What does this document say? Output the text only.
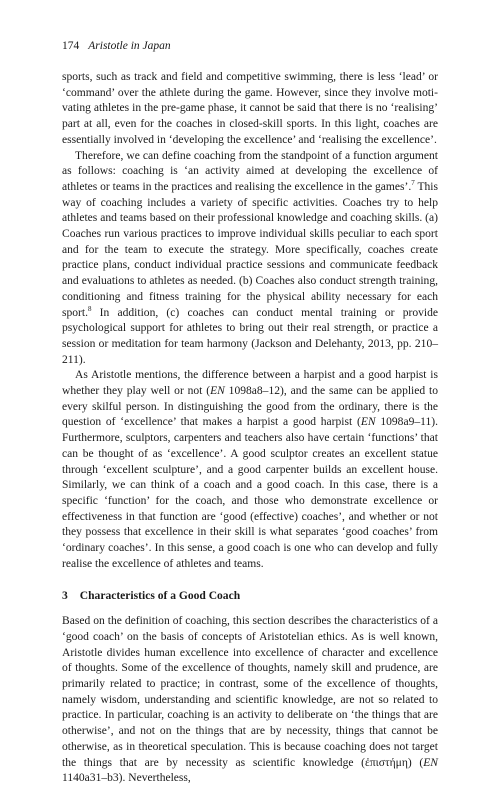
174 Aristotle in Japan

sports, such as track and field and competitive swimming, there is less ‘lead’ or ‘command’ over the athlete during the game. However, since they involve motivating athletes in the pre-game phase, it cannot be said that there is no ‘realising’ part at all, even for the coaches in closed-skill sports. In this light, coaches are essentially involved in ‘developing the excellence’ and ‘realising the excellence’.

Therefore, we can define coaching from the standpoint of a function argument as follows: coaching is ‘an activity aimed at developing the excellence of athletes or teams in the practices and realising the excellence in the games’.$^7$ This way of coaching includes a variety of specific activities. Coaches try to help athletes and teams based on their professional knowledge and coaching skills. (a) Coaches run various practices to improve individual skills peculiar to each sport and for the team to execute the strategy. More specifically, coaches create practice plans, conduct individual practice sessions and communicate feedback and evaluations to athletes as needed. (b) Coaches also conduct strength training, conditioning and fitness training for the physical ability necessary for each sport.$^8$ In addition, (c) coaches can conduct mental training or provide psychological support for athletes to bring out their real strength, or practice a session or meditation for team harmony (Jackson and Delehanty, 2013, pp. 210–211).

As Aristotle mentions, the difference between a harpist and a good harpist is whether they play well or not (EN 1098a8–12), and the same can be applied to every skilful person. In distinguishing the good from the ordinary, there is the question of ‘excellence’ that makes a harpist a good harpist (EN 1098a9–11). Furthermore, sculptors, carpenters and teachers also have certain ‘functions’ that can be thought of as ‘excellence’. A good sculptor creates an excellent statue through ‘excellent sculpture’, and a good carpenter builds an excellent house. Similarly, we can think of a coach and a good coach. In this case, there is a specific ‘function’ for the coach, and those who demonstrate excellence or effectiveness in that function are ‘good (effective) coaches’, and whether or not they possess that excellence in their skill is what separates ‘good coaches’ from ‘ordinary coaches’. In this sense, a good coach is one who can develop and fully realise the excellence of athletes and teams.

3 Characteristics of a Good Coach

Based on the definition of coaching, this section describes the characteristics of a ‘good coach’ on the basis of concepts of Aristotelian ethics. As is well known, Aristotle divides human excellence into excellence of character and excellence of thoughts. Some of the excellence of thoughts, namely skill and prudence, are primarily related to practice; in contrast, some of the excellence of thoughts, namely wisdom, understanding and scientific knowledge, are not so related to practice. In particular, coaching is an activity to deliberate on ‘the things that are otherwise’, and not on the things that are by necessity, things that cannot be otherwise, as in theoretical speculation. This is because coaching does not target the things that are by necessity as scientific knowledge (ἐπιστήμη) (EN 1140a31–b3). Nevertheless,
